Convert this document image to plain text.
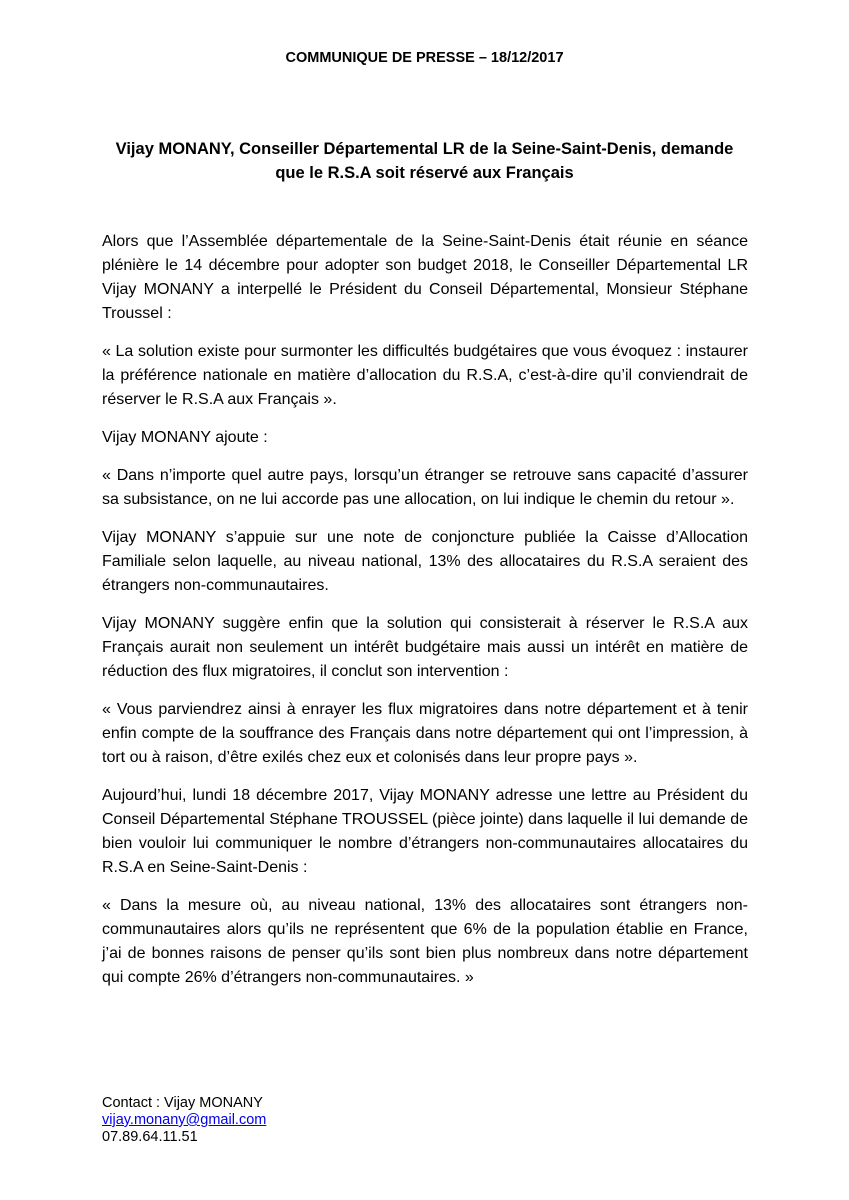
COMMUNIQUE DE PRESSE – 18/12/2017
Vijay MONANY, Conseiller Départemental LR de la Seine-Saint-Denis, demande
que le R.S.A soit réservé aux Français

Alors que l’Assemblée départementale de la Seine-Saint-Denis était réunie en séance plénière le 14 décembre pour adopter son budget 2018, le Conseiller Départemental LR Vijay MONANY a interpellé le Président du Conseil Départemental, Monsieur Stéphane Troussel :

« La solution existe pour surmonter les difficultés budgétaires que vous évoquez : instaurer la préférence nationale en matière d’allocation du R.S.A, c’est-à-dire qu’il conviendrait de réserver le R.S.A aux Français ».

Vijay MONANY ajoute :

« Dans n’importe quel autre pays, lorsqu’un étranger se retrouve sans capacité d’assurer sa subsistance, on ne lui accorde pas une allocation, on lui indique le chemin du retour ».

Vijay MONANY s’appuie sur une note de conjoncture publiée la Caisse d’Allocation Familiale selon laquelle, au niveau national, 13% des allocataires du R.S.A seraient des étrangers non-communautaires.

Vijay MONANY suggère enfin que la solution qui consisterait à réserver le R.S.A aux Français aurait non seulement un intérêt budgétaire mais aussi un intérêt en matière de réduction des flux migratoires, il conclut son intervention :

« Vous parviendrez ainsi à enrayer les flux migratoires dans notre département et à tenir enfin compte de la souffrance des Français dans notre département qui ont l’impression, à tort ou à raison, d’être exilés chez eux et colonisés dans leur propre pays ».

Aujourd’hui, lundi 18 décembre 2017, Vijay MONANY adresse une lettre au Président du Conseil Départemental Stéphane TROUSSEL (pièce jointe) dans laquelle il lui demande de bien vouloir lui communiquer le nombre d’étrangers non-communautaires allocataires du R.S.A en Seine-Saint-Denis :

« Dans la mesure où, au niveau national, 13% des allocataires sont étrangers non-communautaires alors qu’ils ne représentent que 6% de la population établie en France, j’ai de bonnes raisons de penser qu’ils sont bien plus nombreux dans notre département qui compte 26% d’étrangers non-communautaires. »

Contact : Vijay MONANY
vijay.monany@gmail.com
07.89.64.11.51
